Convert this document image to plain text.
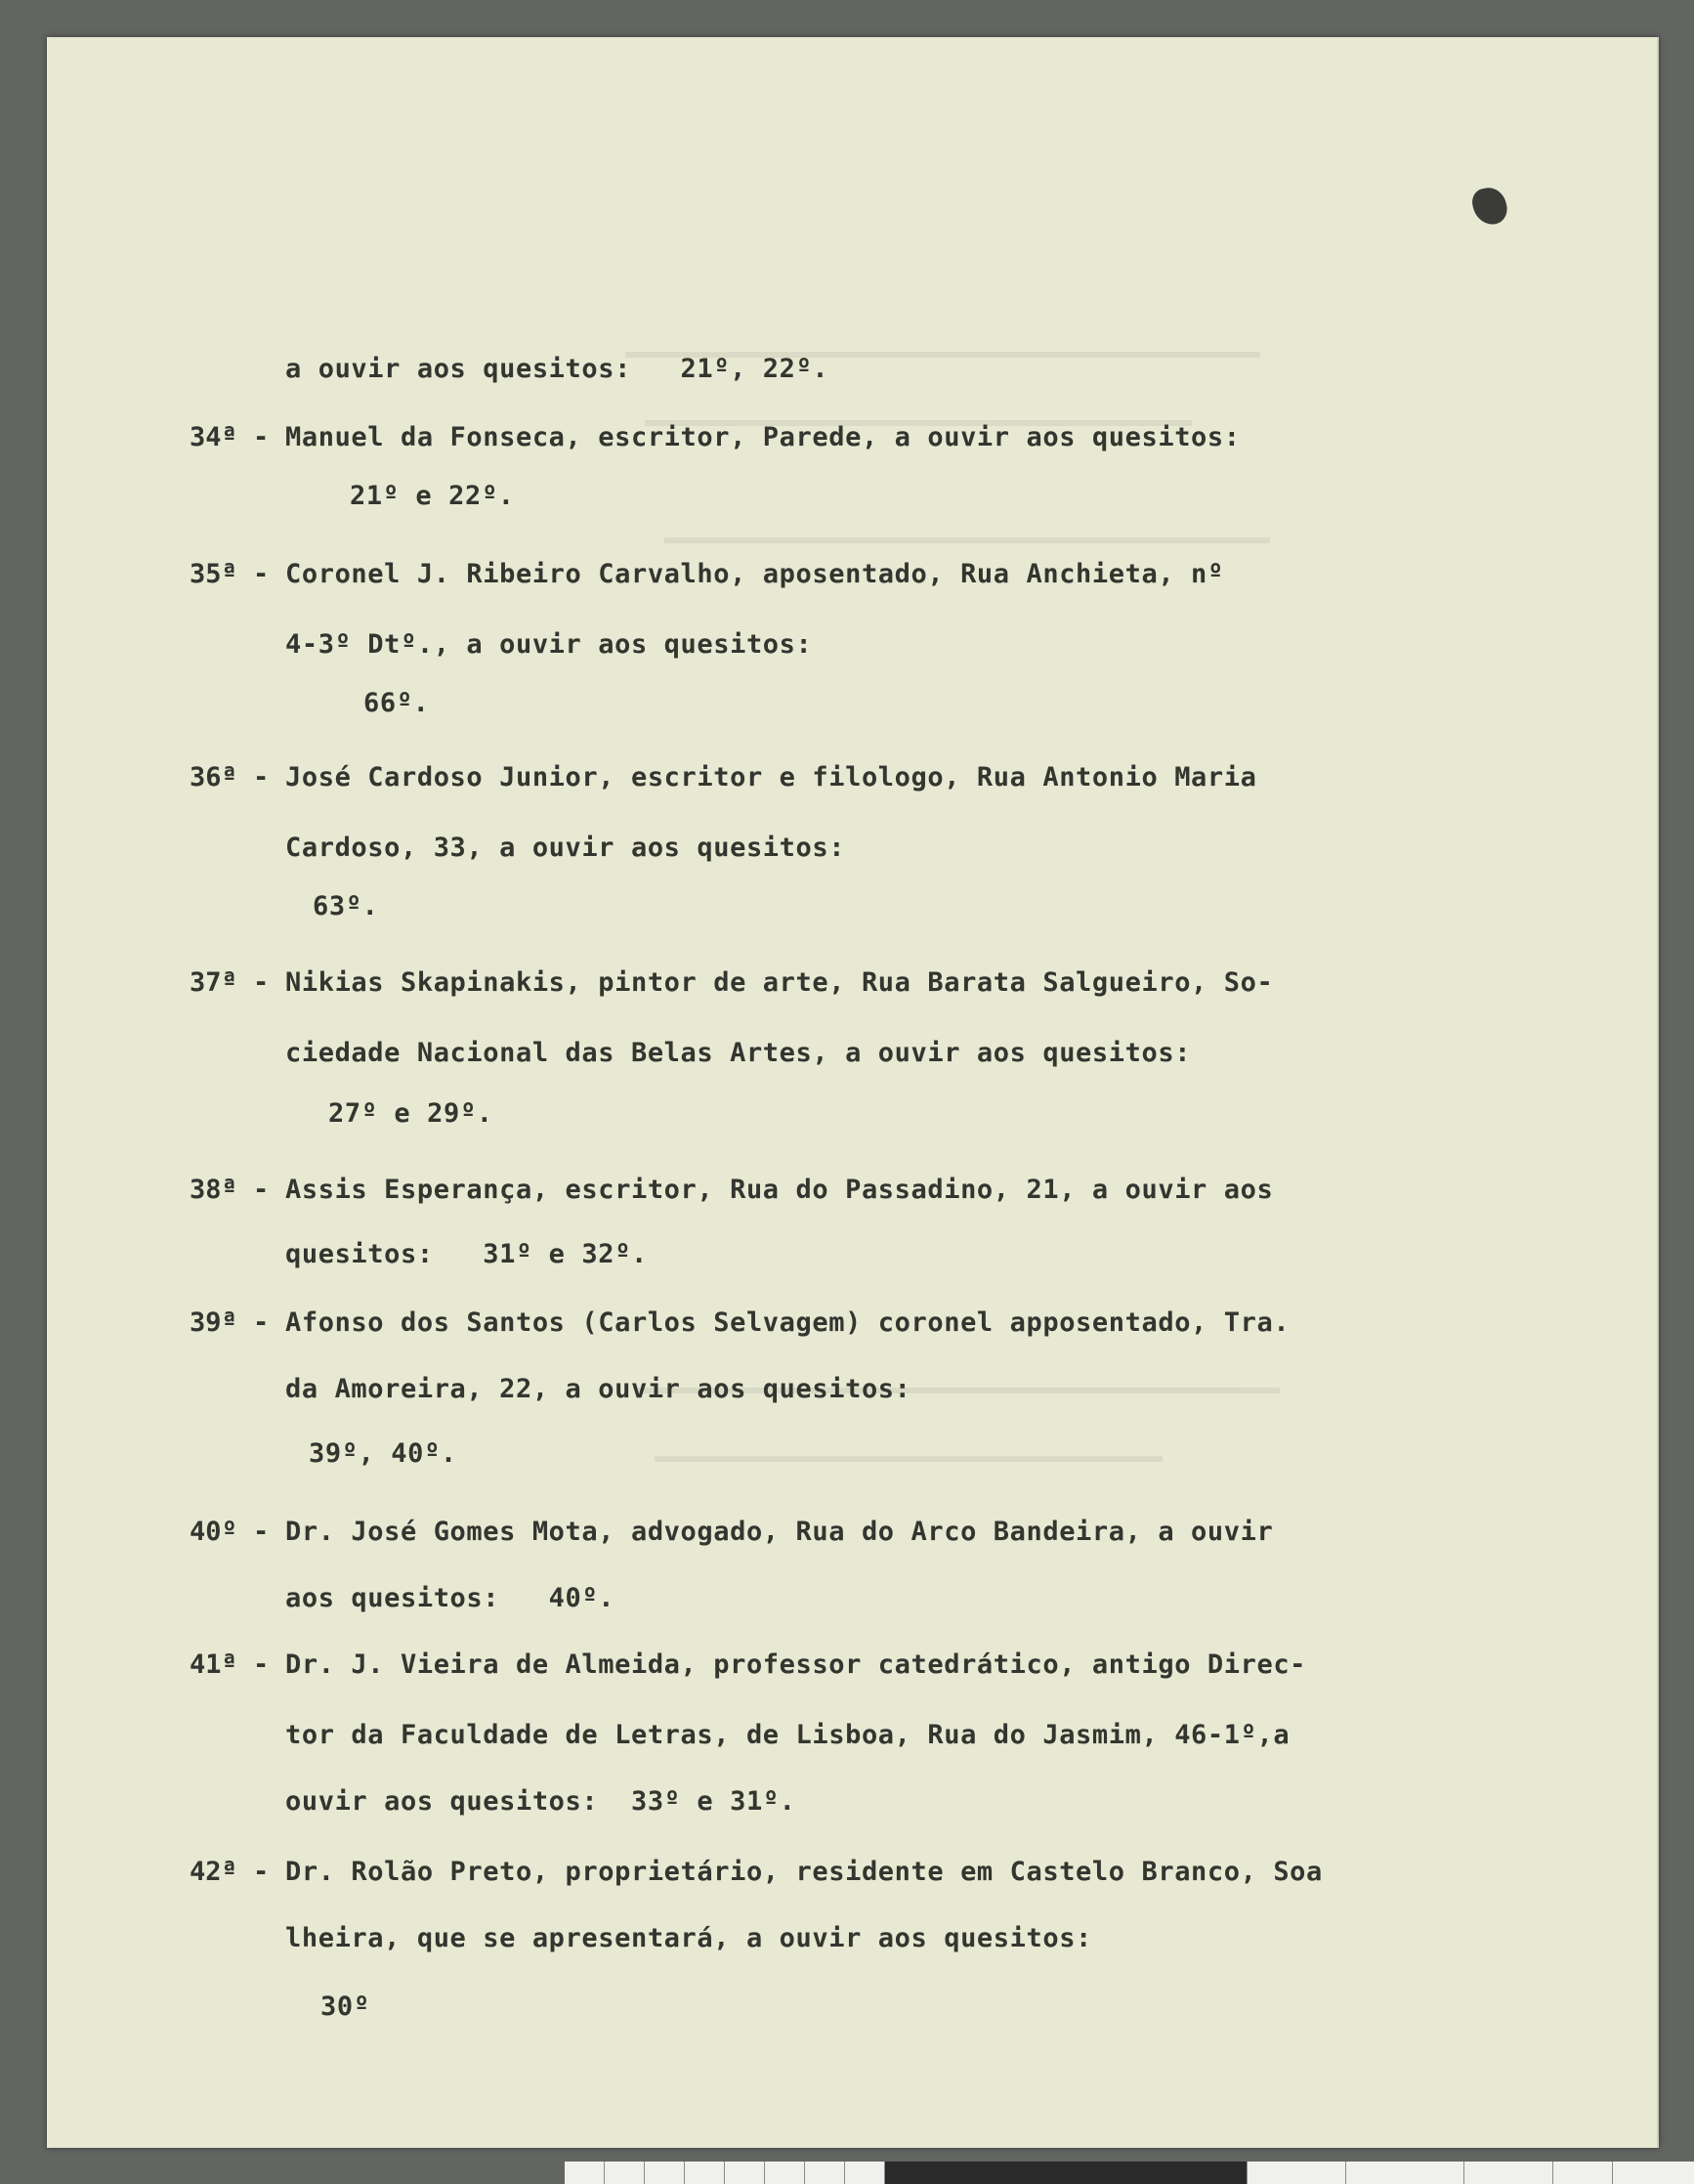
a ouvir aos quesitos:   21º, 22º.
34ª - Manuel da Fonseca, escritor, Parede, a ouvir aos quesitos:
21º e 22º.
35ª - Coronel J. Ribeiro Carvalho, aposentado, Rua Anchieta, nº
4-3º Dtº., a ouvir aos quesitos:
66º.
36ª - José Cardoso Junior, escritor e filologo, Rua Antonio Maria
Cardoso, 33, a ouvir aos quesitos:
63º.
37ª - Nikias Skapinakis, pintor de arte, Rua Barata Salgueiro, So-
ciedade Nacional das Belas Artes, a ouvir aos quesitos:
27º e 29º.
38ª - Assis Esperança, escritor, Rua do Passadino, 21, a ouvir aos
quesitos:   31º e 32º.
39ª - Afonso dos Santos (Carlos Selvagem) coronel apposentado, Tra.
da Amoreira, 22, a ouvir aos quesitos:
39º, 40º.
40º - Dr. José Gomes Mota, advogado, Rua do Arco Bandeira, a ouvir
aos quesitos:   40º.
41ª - Dr. J. Vieira de Almeida, professor catedrático, antigo Direc-
tor da Faculdade de Letras, de Lisboa, Rua do Jasmim, 46-1º,a
ouvir aos quesitos:  33º e 31º.
42ª - Dr. Rolão Preto, proprietário, residente em Castelo Branco, Soa
lheira, que se apresentará, a ouvir aos quesitos:
30º
